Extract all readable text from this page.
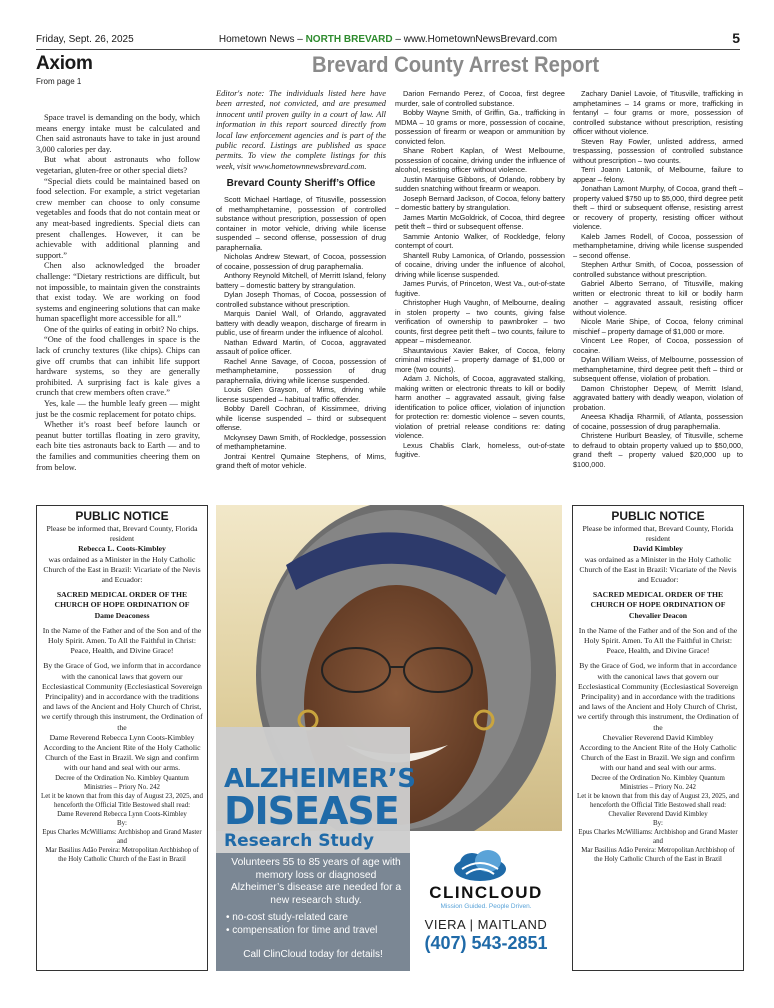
Friday, Sept. 26, 2025	Hometown News – NORTH BREVARD – www.HometownNewsBrevard.com	5
Axiom
From page 1
Brevard County Arrest Report

Space travel is demanding on the body, which means energy intake must be calculated and Chen said astronauts have to take in just around 3,000 calories per day.

But what about astronauts who follow vegetarian, gluten-free or other special diets?

“Special diets could be maintained based on food selection. For example, a strict vegetarian crew member can choose to only consume vegetables and foods that do not contain meat or any meat-based ingredients. Special diets can present challenges. However, it can be achievable with additional planning and support.”

Chen also acknowledged the broader challenge: “Dietary restrictions are difficult, but not impossible, to maintain given the constraints that exist today. We are working on food systems and engineering solutions that can make human spaceflight more accessible for all.”

One of the quirks of eating in orbit? No chips.

“One of the food challenges in space is the lack of crunchy textures (like chips). Chips can give off crumbs that can inhibit life support hardware systems, so they are generally prohibited. A surprising fact is kale gives a crunch that crew members often crave.”

Yes, kale — the humble leafy green — might just be the cosmic replacement for potato chips.

Whether it’s roast beef before launch or peanut butter tortillas floating in zero gravity, each bite ties astronauts back to Earth — and to the families and communities cheering them on from below.

Editor's note: The individuals listed here have been arrested, not convicted, and are presumed innocent until proven guilty in a court of law. All information in this report sourced directly from local law enforcement agencies and is part of the public record. Listings are published as space permits. To view the complete listings for this week, visit www.hometownnewsbrevard.com.
Brevard County Sheriff’s Office

Scott Michael Hartlage, of Titusville, possession of methamphetamine, possession of controlled substance without prescription, possession of open container in motor vehicle, driving while license suspended – second offense, possession of drug paraphernalia.

Nicholas Andrew Stewart, of Cocoa, possession of cocaine, possession of drug paraphernalia.

Anthony Reynold Mitchell, of Merritt Island, felony battery – domestic battery by strangulation.

Dylan Joseph Thomas, of Cocoa, possession of controlled substance without prescription.

Marquis Daniel Wall, of Orlando, aggravated battery with deadly weapon, discharge of firearm in public, use of firearm under the influence of alcohol.

Nathan Edward Martin, of Cocoa, aggravated assault of police officer.

Rachel Anne Savage, of Cocoa, possession of methamphetamine, possession of drug paraphernalia, driving while license suspended.

Louis Glen Grayson, of Mims, driving while license suspended – habitual traffic offender.

Bobby Darell Cochran, of Kissimmee, driving while license suspended – third or subsequent offense.

Mckynsey Dawn Smith, of Rockledge, possession of methamphetamine.

Jontrai Kentrel Qumaine Stephens, of Mims, grand theft of motor vehicle.

Darion Fernando Perez, of Cocoa, first degree murder, sale of controlled substance.

Bobby Wayne Smith, of Griffin, Ga., trafficking in MDMA – 10 grams or more, possession of cocaine, possession of firearm or weapon or ammunition by convicted felon.

Shane Robert Kaplan, of West Melbourne, possession of cocaine, driving under the influence of alcohol, resisting officer without violence.

Justin Marquise Gibbons, of Orlando, robbery by sudden snatching without firearm or weapon.

Joseph Bernard Jackson, of Cocoa, felony battery – domestic battery by strangulation.

James Martin McGoldrick, of Cocoa, third degree petit theft – third or subsequent offense.

Sammie Antonio Walker, of Rockledge, felony contempt of court.

Shantell Ruby Lamonica, of Orlando, possession of cocaine, driving under the influence of alcohol, driving while license suspended.

James Purvis, of Princeton, West Va., out-of-state fugitive.

Christopher Hugh Vaughn, of Melbourne, dealing in stolen property – two counts, giving false verification of ownership to pawnbroker – two counts, first degree petit theft – two counts, failure to appear – misdemeanor.

Shauntavious Xavier Baker, of Cocoa, felony criminal mischief – property damage of $1,000 or more (two counts).

Adam J. Nichols, of Cocoa, aggravated stalking, making written or electronic threats to kill or bodily harm another – aggravated assault, giving false identification to police officer, violation of injunction for protection re: domestic violence – seven counts, violation of pretrial release conditions re: dating violence.

Lexus Chablis Clark, homeless, out-of-state fugitive.

Zachary Daniel Lavoie, of Titusville, trafficking in amphetamines – 14 grams or more, trafficking in fentanyl – four grams or more, possession of controlled substance without prescription, resisting officer without violence.

Steven Ray Fowler, unlisted address, armed trespassing, possession of controlled substance without prescription – two counts.

Terri Joann Latonik, of Melbourne, failure to appear – felony.

Jonathan Lamont Murphy, of Cocoa, grand theft – property valued $750 up to $5,000, third degree petit theft – third or subsequent offense, resisting arrest or recovery of property, resisting officer without violence.

Kaleb James Rodell, of Cocoa, possession of methamphetamine, driving while license suspended – second offense.

Stephen Arthur Smith, of Cocoa, possession of controlled substance without prescription.

Gabriel Alberto Serrano, of Titusville, making written or electronic threat to kill or bodily harm another – aggravated assault, resisting officer without violence.

Nicole Marie Shipe, of Cocoa, felony criminal mischief – property damage of $1,000 or more.

Vincent Lee Roper, of Cocoa, possession of cocaine.

Dylan William Weiss, of Melbourne, possession of methamphetamine, third degree petit theft – third or subsequent offense, violation of probation.

Damon Christopher Depew, of Merritt Island, aggravated battery with deadly weapon, violation of probation.

Aneesa Khadija Rharmili, of Atlanta, possession of cocaine, possession of drug paraphernalia.

Christene Hurlburt Beasley, of Titusville, scheme to defraud to obtain property valued up to $50,000, grand theft – property valued $20,000 up to $100,000.

PUBLIC NOTICE
Please be informed that, Brevard County, Florida resident
Rebecca L. Coots-Kimbley
was ordained as a Minister in the Holy Catholic Church of the East in Brazil: Vicariate of the Nevis and Ecuador:
SACRED MEDICAL ORDER OF THE CHURCH OF HOPE ORDINATION OF
Dame Deaconess
In the Name of the Father and of the Son and of the Holy Spirit. Amen. To All the Faithful in Christ: Peace, Health, and Divine Grace!
By the Grace of God, we inform that in accordance with the canonical laws that govern our Ecclesiastical Community (Ecclesiastical Sovereign Principality) and in accordance with the traditions and laws of the Ancient and Holy Church of Christ, we certify through this instrument, the Ordination of the
Dame Reverend Rebecca Lynn Coots-Kimbley
According to the Ancient Rite of the Holy Catholic Church of the East in Brazil. We sign and confirm with our hand and seal with our arms.
Decree of the Ordination No. Kimbley Quantum Ministries – Priory No. 242
Let it be known that from this day of August 23, 2025, and henceforth the Official Title Bestowed shall read:
Dame Reverend Rebecca Lynn Coots-Kimbley
By:
Epus Charles McWilliams: Archbishop and Grand Master
and
Mar Basilius Adão Pereira: Metropolitan Archbishop of the Holy Catholic Church of the East in Brazil
ALZHEIMER’S
DISEASE
Research Study
Volunteers 55 to 85 years of age with memory loss or diagnosed Alzheimer’s disease are needed for a new research study.
• no-cost study-related care
• compensation for time and travel
Call ClinCloud today for details!
CLINCLOUD
Mission Guided. People Driven.
VIERA | MAITLAND
(407) 543-2851
PUBLIC NOTICE
Please be informed that, Brevard County, Florida resident
David Kimbley
was ordained as a Minister in the Holy Catholic Church of the East in Brazil: Vicariate of the Nevis and Ecuador:
SACRED MEDICAL ORDER OF THE CHURCH OF HOPE ORDINATION OF
Chevalier Deacon
In the Name of the Father and of the Son and of the Holy Spirit. Amen. To All the Faithful in Christ: Peace, Health, and Divine Grace!
By the Grace of God, we inform that in accordance with the canonical laws that govern our Ecclesiastical Community (Ecclesiastical Sovereign Principality) and in accordance with the traditions and laws of the Ancient and Holy Church of Christ, we certify through this instrument, the Ordination of the
Chevalier Reverend David Kimbley
According to the Ancient Rite of the Holy Catholic Church of the East in Brazil. We sign and confirm with our hand and seal with our arms.
Decree of the Ordination No. Kimbley Quantum Ministries – Priory No. 242
Let it be known that from this day of August 23, 2025, and henceforth the Official Title Bestowed shall read:
Chevalier Reverend David Kimbley
By:
Epus Charles McWilliams: Archbishop and Grand Master
and
Mar Basilius Adão Pereira: Metropolitan Archbishop of the Holy Catholic Church of the East in Brazil
